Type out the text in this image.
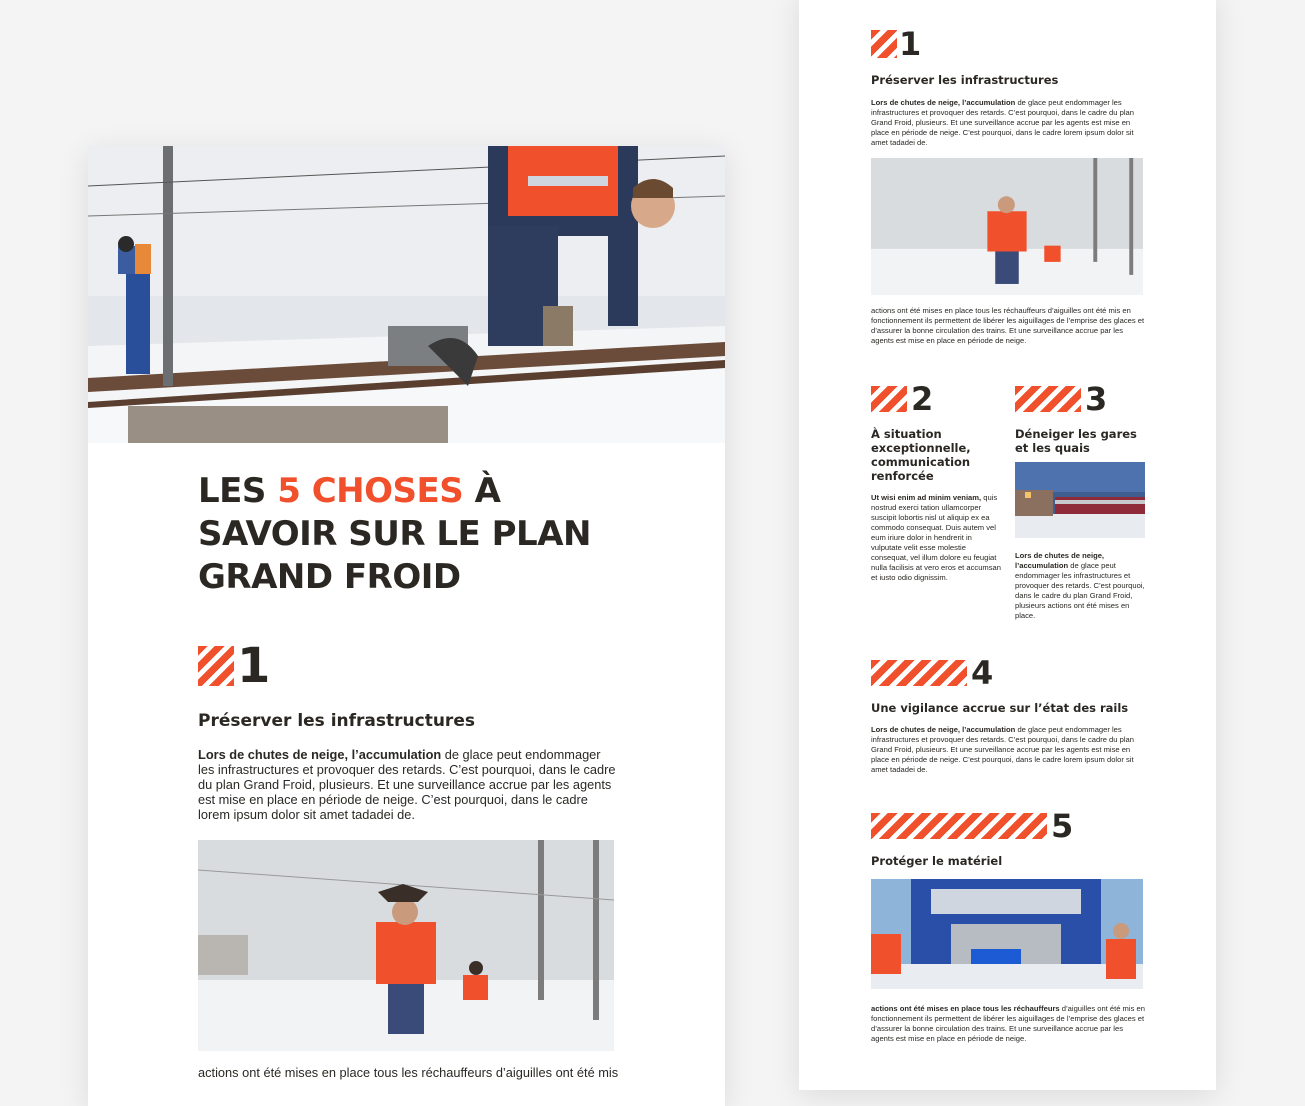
LES 5 CHOSES À SAVOIR SUR LE PLAN GRAND FROID
1
Préserver les infrastructures

Lors de chutes de neige, l’accumulation de glace peut endommager les infrastructures et provoquer des retards. C’est pourquoi, dans le cadre du plan Grand Froid, plusieurs. Et une surveillance accrue par les agents est mise en place en période de neige. C’est pourquoi, dans le cadre lorem ipsum dolor sit amet tadadei de.

actions ont été mises en place tous les réchauffeurs d’aiguilles ont été mis

1
Préserver les infrastructures

Lors de chutes de neige, l’accumulation de glace peut endommager les infrastructures et provoquer des retards. C’est pourquoi, dans le cadre du plan Grand Froid, plusieurs. Et une surveillance accrue par les agents est mise en place en période de neige. C’est pourquoi, dans le cadre lorem ipsum dolor sit amet tadadei de.

actions ont été mises en place tous les réchauffeurs d’aiguilles ont été mis en fonctionnement ils permettent de libérer les aiguillages de l’emprise des glaces et d’assurer la bonne circulation des trains. Et une surveillance accrue par les agents est mise en place en période de neige.

2
À situation exceptionnelle, communication renforcée

Ut wisi enim ad minim veniam, quis nostrud exerci tation ullamcorper suscipit lobortis nisl ut aliquip ex ea commodo consequat. Duis autem vel eum iriure dolor in hendrerit in vulputate velit esse molestie consequat, vel illum dolore eu feugiat nulla facilisis at vero eros et accumsan et iusto odio dignissim.

3
Déneiger les gares et les quais

Lors de chutes de neige, l’accumulation de glace peut endommager les infrastructures et provoquer des retards. C’est pourquoi, dans le cadre du plan Grand Froid, plusieurs actions ont été mises en place.

4
Une vigilance accrue sur l’état des rails

Lors de chutes de neige, l’accumulation de glace peut endommager les infrastructures et provoquer des retards. C’est pourquoi, dans le cadre du plan Grand Froid, plusieurs. Et une surveillance accrue par les agents est mise en place en période de neige. C’est pourquoi, dans le cadre lorem ipsum dolor sit amet tadadei de.

5
Protéger le matériel

actions ont été mises en place tous les réchauffeurs d’aiguilles ont été mis en fonctionnement ils permettent de libérer les aiguillages de l’emprise des glaces et d’assurer la bonne circulation des trains. Et une surveillance accrue par les agents est mise en place en période de neige.
